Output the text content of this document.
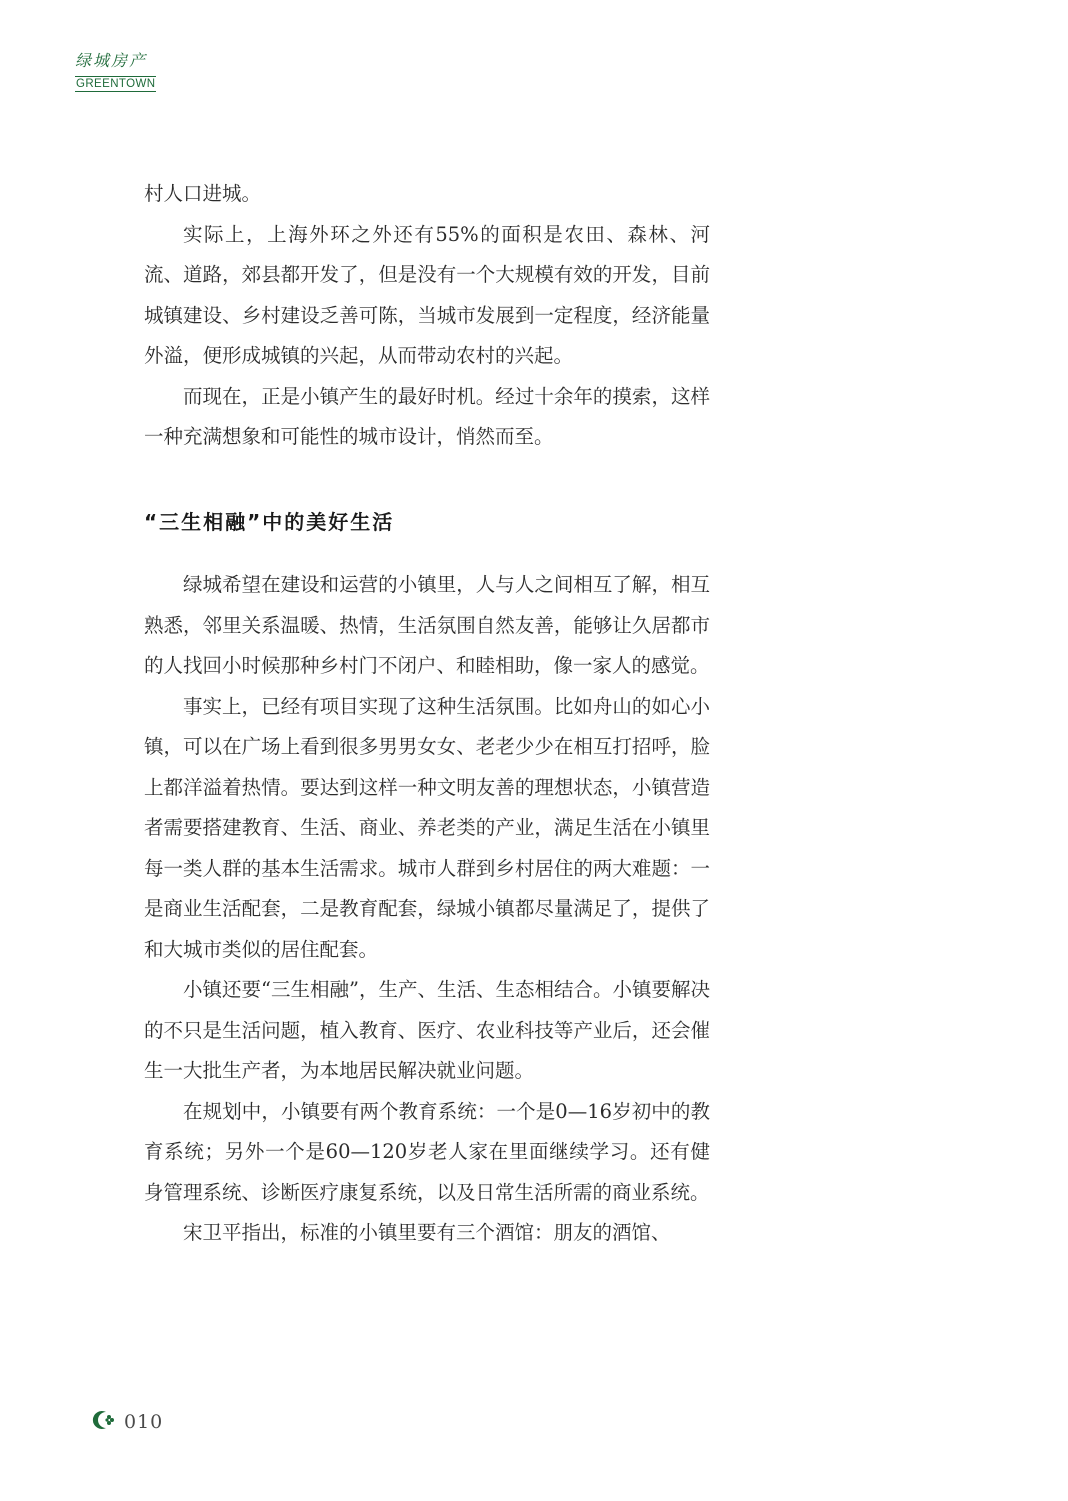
绿城房产
GREENTOWN

村人口进城。

实际上，上海外环之外还有55%的面积是农田、森林、河流、道路，郊县都开发了，但是没有一个大规模有效的开发，目前城镇建设、乡村建设乏善可陈，当城市发展到一定程度，经济能量外溢，便形成城镇的兴起，从而带动农村的兴起。

而现在，正是小镇产生的最好时机。经过十余年的摸索，这样一种充满想象和可能性的城市设计，悄然而至。

“三生相融”中的美好生活

绿城希望在建设和运营的小镇里，人与人之间相互了解，相互熟悉，邻里关系温暖、热情，生活氛围自然友善，能够让久居都市的人找回小时候那种乡村门不闭户、和睦相助，像一家人的感觉。

事实上，已经有项目实现了这种生活氛围。比如舟山的如心小镇，可以在广场上看到很多男男女女、老老少少在相互打招呼，脸上都洋溢着热情。要达到这样一种文明友善的理想状态，小镇营造者需要搭建教育、生活、商业、养老类的产业，满足生活在小镇里每一类人群的基本生活需求。城市人群到乡村居住的两大难题：一是商业生活配套，二是教育配套，绿城小镇都尽量满足了，提供了和大城市类似的居住配套。

小镇还要“三生相融”，生产、生活、生态相结合。小镇要解决的不只是生活问题，植入教育、医疗、农业科技等产业后，还会催生一大批生产者，为本地居民解决就业问题。

在规划中，小镇要有两个教育系统：一个是0—16岁初中的教育系统；另外一个是60—120岁老人家在里面继续学习。还有健身管理系统、诊断医疗康复系统，以及日常生活所需的商业系统。

宋卫平指出，标准的小镇里要有三个酒馆：朋友的酒馆、

010
